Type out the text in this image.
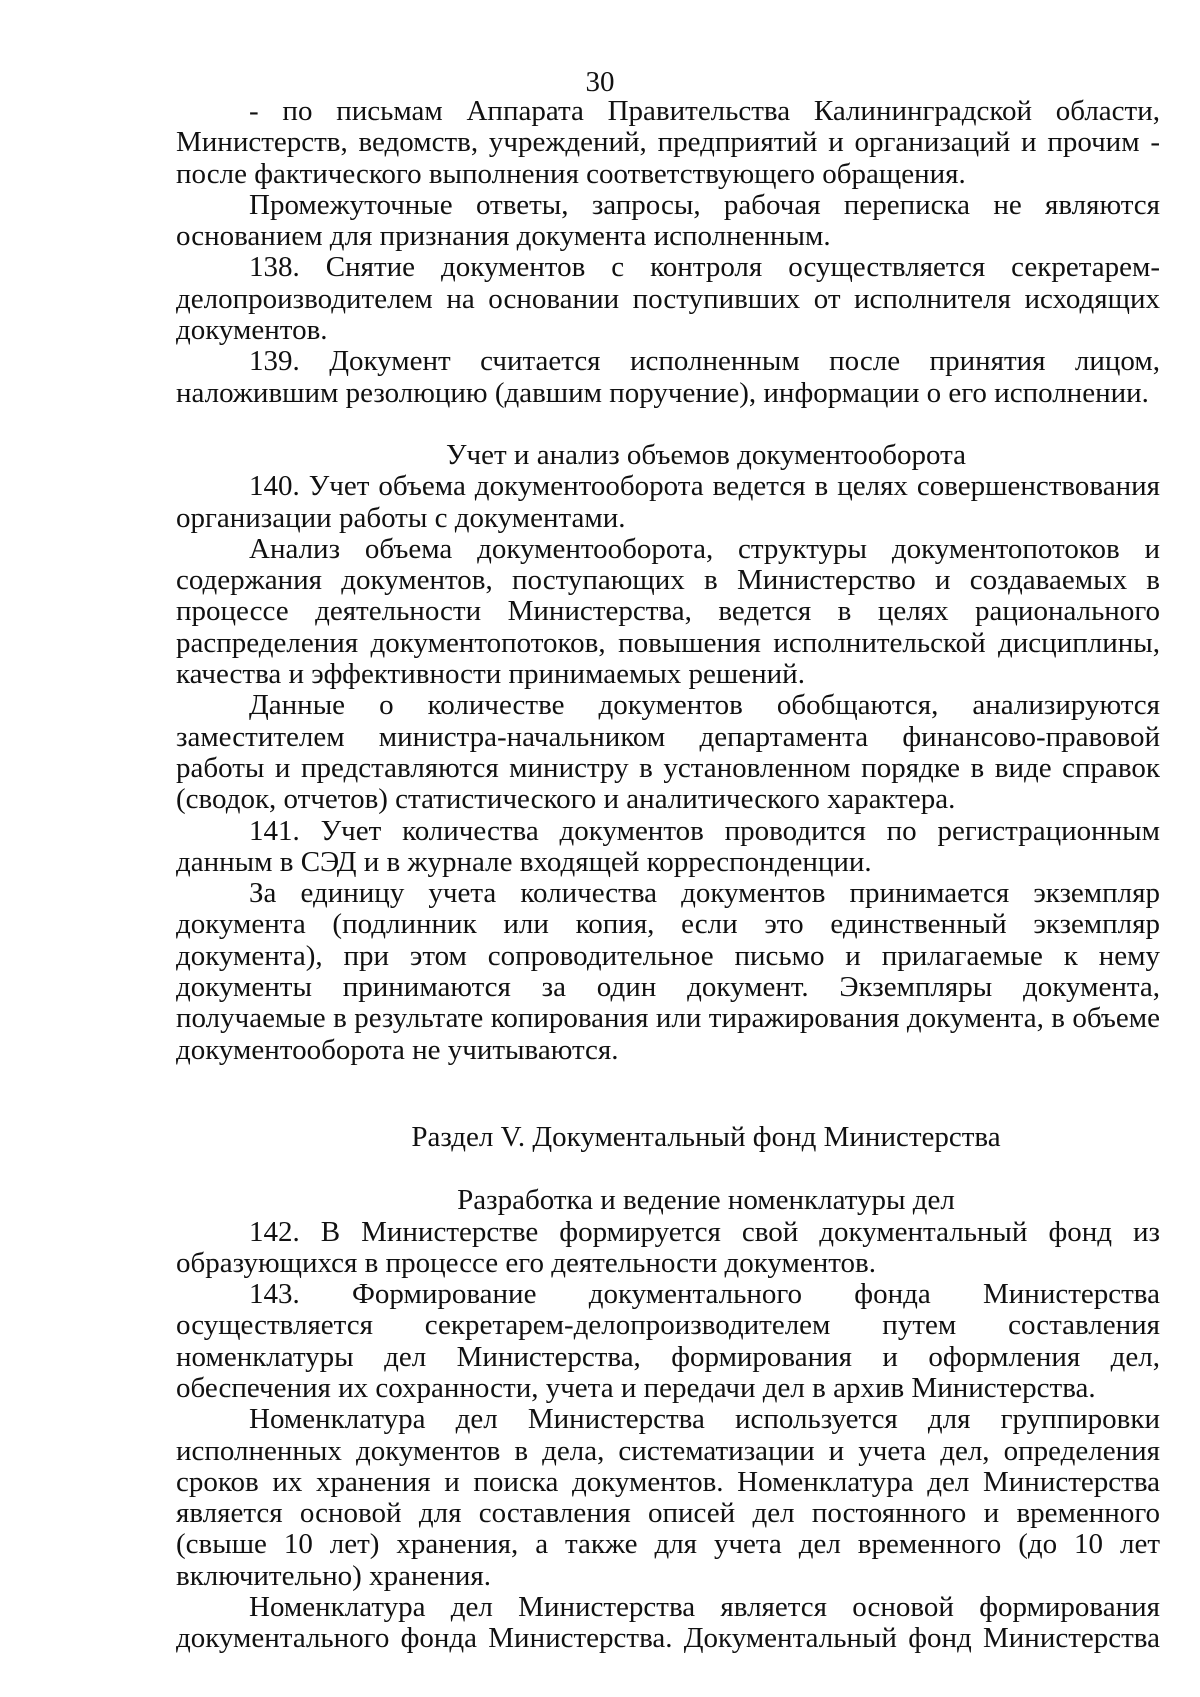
30

- по письмам Аппарата Правительства Калининградской области, Министерств, ведомств, учреждений, предприятий и организаций и прочим - после фактического выполнения соответствующего обращения.

Промежуточные ответы, запросы, рабочая переписка не являются основанием для признания документа исполненным.

138. Снятие документов с контроля осуществляется секретарем-делопроизводителем на основании поступивших от исполнителя исходящих документов.

139. Документ считается исполненным после принятия лицом, наложившим резолюцию (давшим поручение), информации о его исполнении.

Учет и анализ объемов документооборота

140. Учет объема документооборота ведется в целях совершенствования организации работы с документами.

Анализ объема документооборота, структуры документопотоков и содержания документов, поступающих в Министерство и создаваемых в процессе деятельности Министерства, ведется в целях рационального распределения документопотоков, повышения исполнительской дисциплины, качества и эффективности принимаемых решений.

Данные о количестве документов обобщаются, анализируются заместителем министра-начальником департамента финансово-правовой работы и представляются министру в установленном порядке в виде справок (сводок, отчетов) статистического и аналитического характера.

141. Учет количества документов проводится по регистрационным данным в СЭД и в журнале входящей корреспонденции.

За единицу учета количества документов принимается экземпляр документа (подлинник или копия, если это единственный экземпляр документа), при этом сопроводительное письмо и прилагаемые к нему документы принимаются за один документ. Экземпляры документа, получаемые в результате копирования или тиражирования документа, в объеме документооборота не учитываются.

Раздел V. Документальный фонд Министерства
Разработка и ведение номенклатуры дел

142. В Министерстве формируется свой документальный фонд из образующихся в процессе его деятельности документов.

143. Формирование документального фонда Министерства осуществляется секретарем-делопроизводителем путем составления номенклатуры дел Министерства, формирования и оформления дел, обеспечения их сохранности, учета и передачи дел в архив Министерства.

Номенклатура дел Министерства используется для группировки исполненных документов в дела, систематизации и учета дел, определения сроков их хранения и поиска документов. Номенклатура дел Министерства является основой для составления описей дел постоянного и временного (свыше 10 лет) хранения, а также для учета дел временного (до 10 лет включительно) хранения.

Номенклатура дел Министерства является основой формирования документального фонда Министерства. Документальный фонд Министерства
